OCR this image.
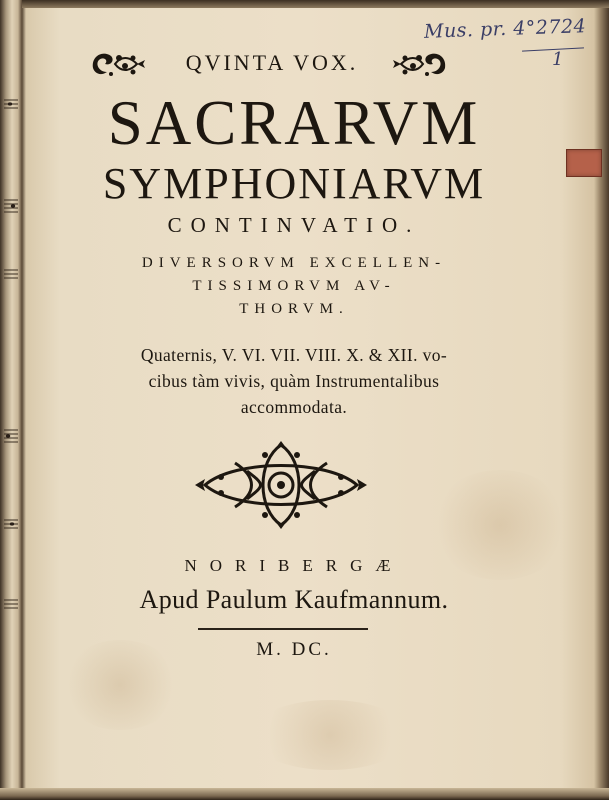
Mus. pr. 4°2724
1
QVINTA VOX.
SACRARVM
SYMPHONIARVM
CONTINVATIO.
DIVERSORVM EXCELLEN-
TISSIMORVM AV-
THORVM.
Quaternis, V. VI. VII. VIII. X. & XII. vo-
cibus tàm vivis, quàm Instrumentalibus
accommodata.
NORIBERGÆ
Apud Paulum Kaufmannum.
M. DC.
